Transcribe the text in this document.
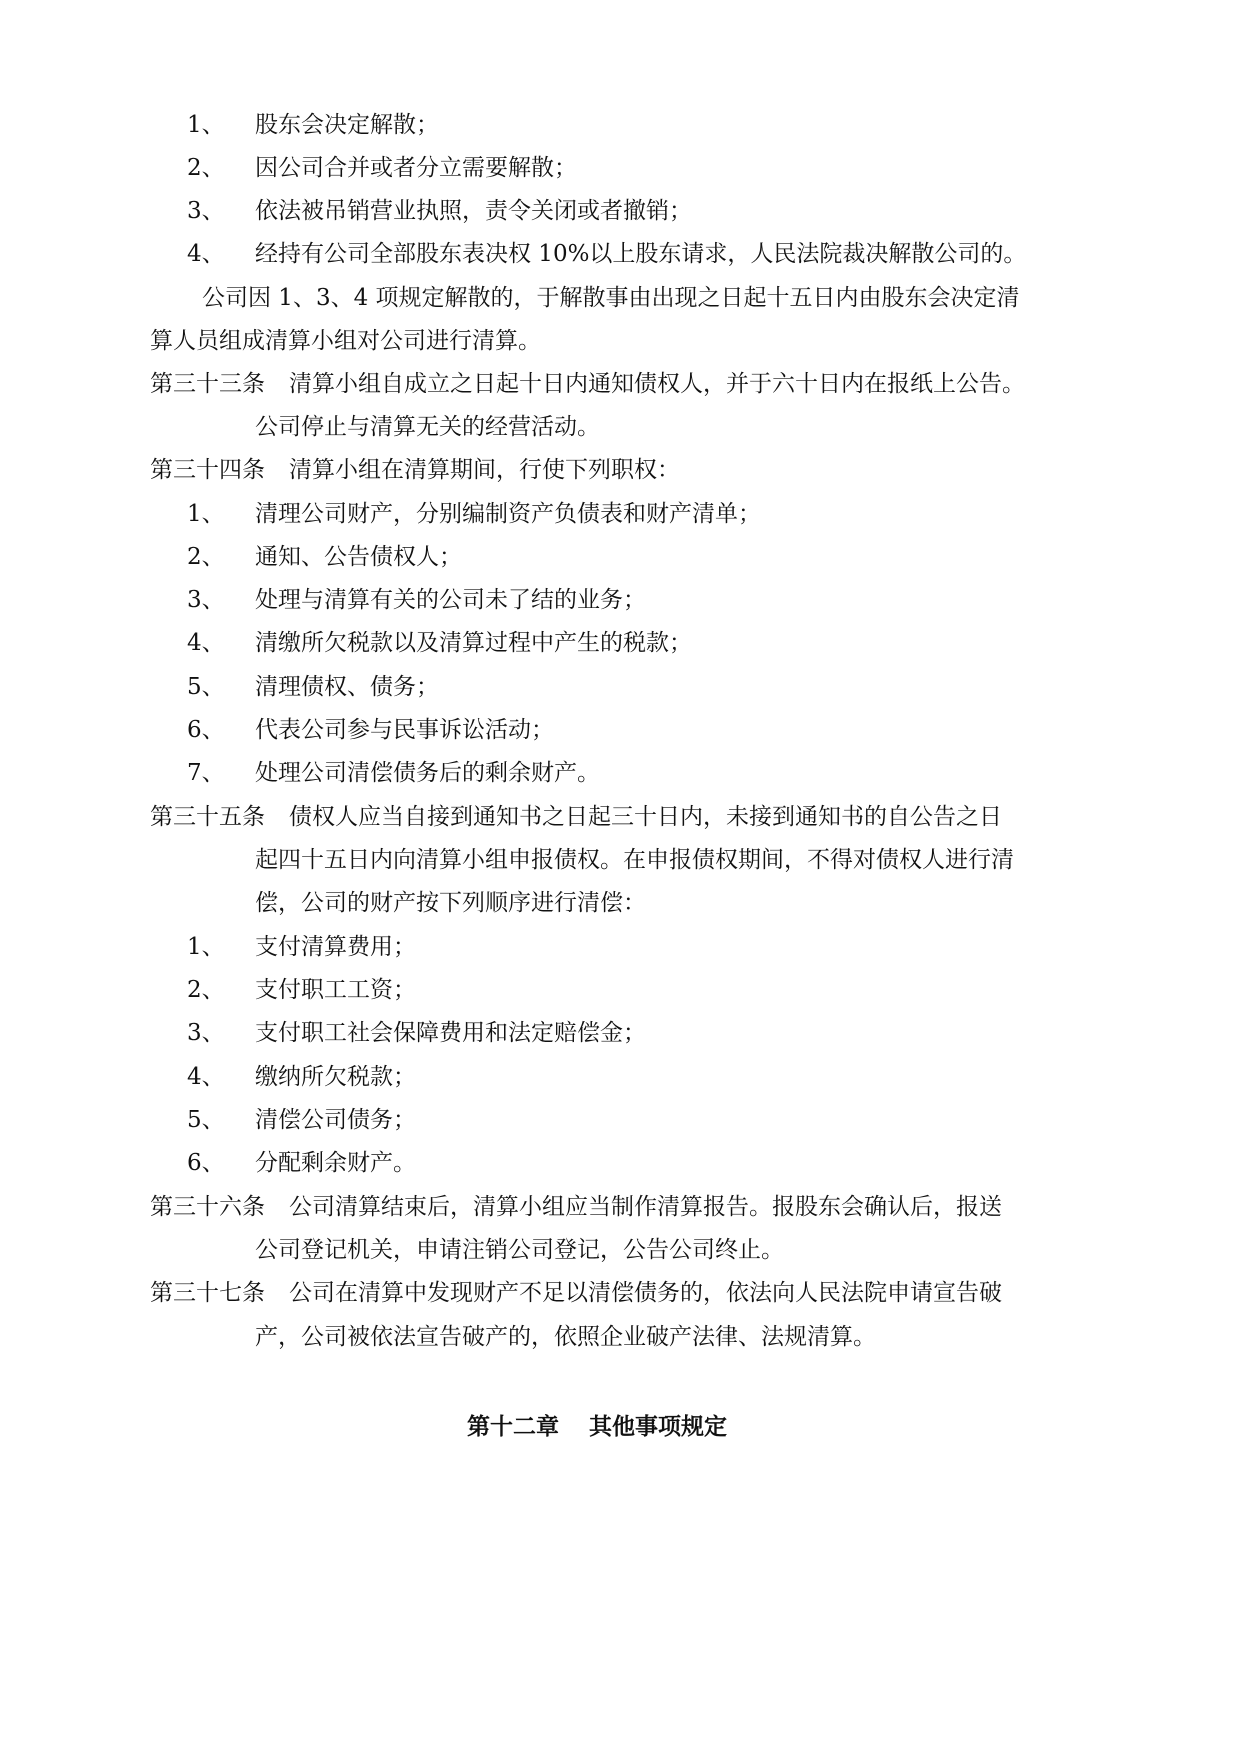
1、 股东会决定解散；
2、 因公司合并或者分立需要解散；
3、 依法被吊销营业执照，责令关闭或者撤销；
4、 经持有公司全部股东表决权 10%以上股东请求，人民法院裁决解散公司的。
公司因 1、3、4 项规定解散的，于解散事由出现之日起十五日内由股东会决定清
算人员组成清算小组对公司进行清算。
第三十三条 清算小组自成立之日起十日内通知债权人，并于六十日内在报纸上公告。
公司停止与清算无关的经营活动。
第三十四条 清算小组在清算期间，行使下列职权：
1、 清理公司财产，分别编制资产负债表和财产清单；
2、 通知、公告债权人；
3、 处理与清算有关的公司未了结的业务；
4、 清缴所欠税款以及清算过程中产生的税款；
5、 清理债权、债务；
6、 代表公司参与民事诉讼活动；
7、 处理公司清偿债务后的剩余财产。
第三十五条 债权人应当自接到通知书之日起三十日内，未接到通知书的自公告之日
起四十五日内向清算小组申报债权。在申报债权期间，不得对债权人进行清
偿，公司的财产按下列顺序进行清偿：
1、 支付清算费用；
2、 支付职工工资；
3、 支付职工社会保障费用和法定赔偿金；
4、 缴纳所欠税款；
5、 清偿公司债务；
6、 分配剩余财产。
第三十六条 公司清算结束后，清算小组应当制作清算报告。报股东会确认后，报送
公司登记机关，申请注销公司登记，公告公司终止。
第三十七条 公司在清算中发现财产不足以清偿债务的，依法向人民法院申请宣告破
产，公司被依法宣告破产的，依照企业破产法律、法规清算。
第十二章 其他事项规定
